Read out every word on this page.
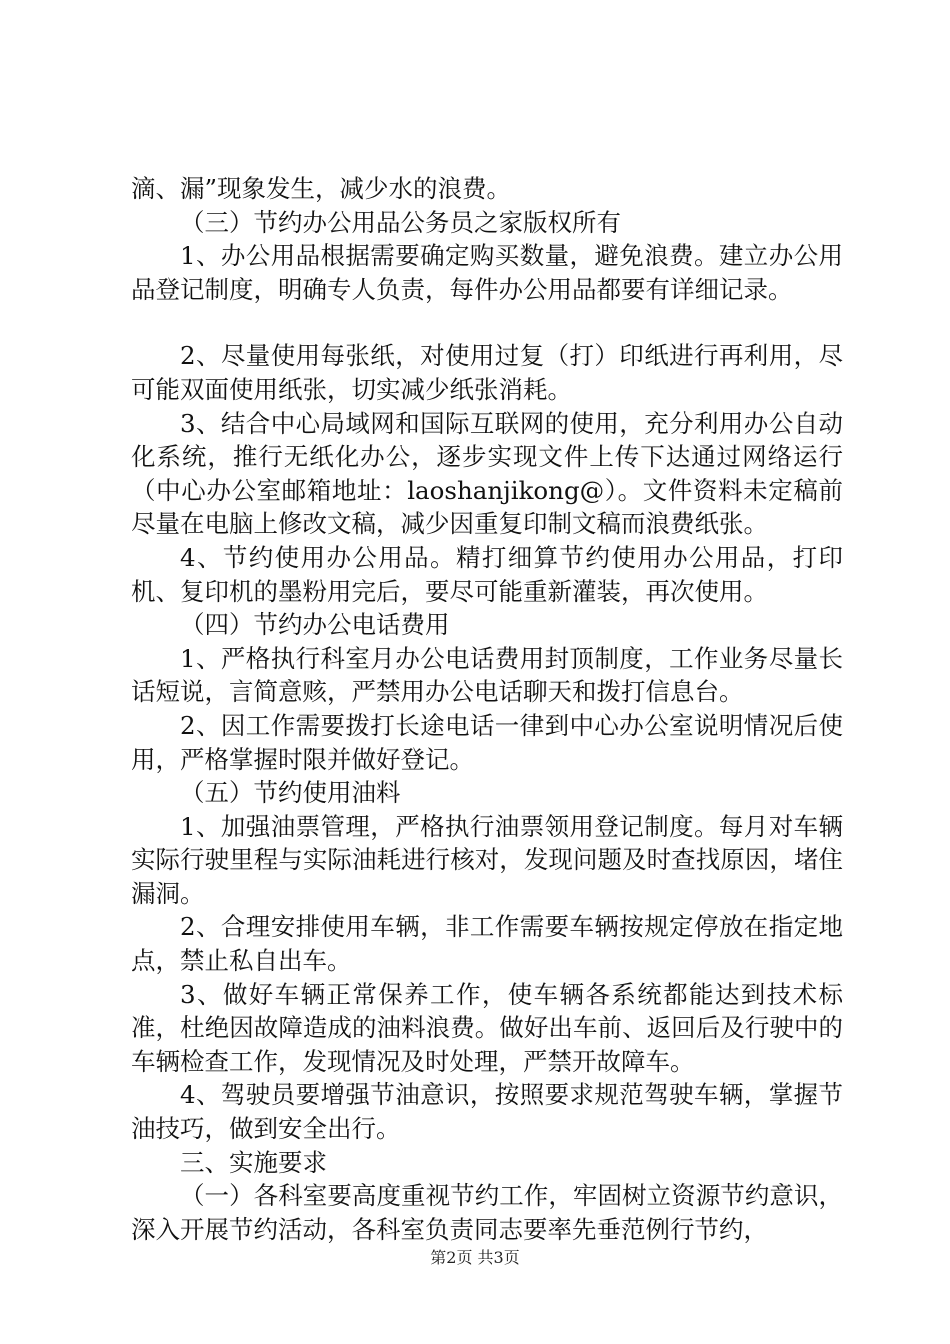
滴、漏”现象发生，减少水的浪费。

（三）节约办公用品公务员之家版权所有

1、办公用品根据需要确定购买数量，避免浪费。建立办公用品登记制度，明确专人负责，每件办公用品都要有详细记录。

2、尽量使用每张纸，对使用过复（打）印纸进行再利用，尽可能双面使用纸张，切实减少纸张消耗。

3、结合中心局域网和国际互联网的使用，充分利用办公自动化系统，推行无纸化办公，逐步实现文件上传下达通过网络运行（中心办公室邮箱地址：laoshanjikong@）。文件资料未定稿前尽量在电脑上修改文稿，减少因重复印制文稿而浪费纸张。

4、节约使用办公用品。精打细算节约使用办公用品，打印机、复印机的墨粉用完后，要尽可能重新灌装，再次使用。

（四）节约办公电话费用

1、严格执行科室月办公电话费用封顶制度，工作业务尽量长话短说，言简意赅，严禁用办公电话聊天和拨打信息台。

2、因工作需要拨打长途电话一律到中心办公室说明情况后使用，严格掌握时限并做好登记。

（五）节约使用油料

1、加强油票管理，严格执行油票领用登记制度。每月对车辆实际行驶里程与实际油耗进行核对，发现问题及时查找原因，堵住漏洞。

2、合理安排使用车辆，非工作需要车辆按规定停放在指定地点，禁止私自出车。

3、做好车辆正常保养工作，使车辆各系统都能达到技术标准，杜绝因故障造成的油料浪费。做好出车前、返回后及行驶中的车辆检查工作，发现情况及时处理，严禁开故障车。

4、驾驶员要增强节油意识，按照要求规范驾驶车辆，掌握节油技巧，做到安全出行。

三、实施要求

（一）各科室要高度重视节约工作，牢固树立资源节约意识，深入开展节约活动，各科室负责同志要率先垂范例行节约，

第2页 共3页
